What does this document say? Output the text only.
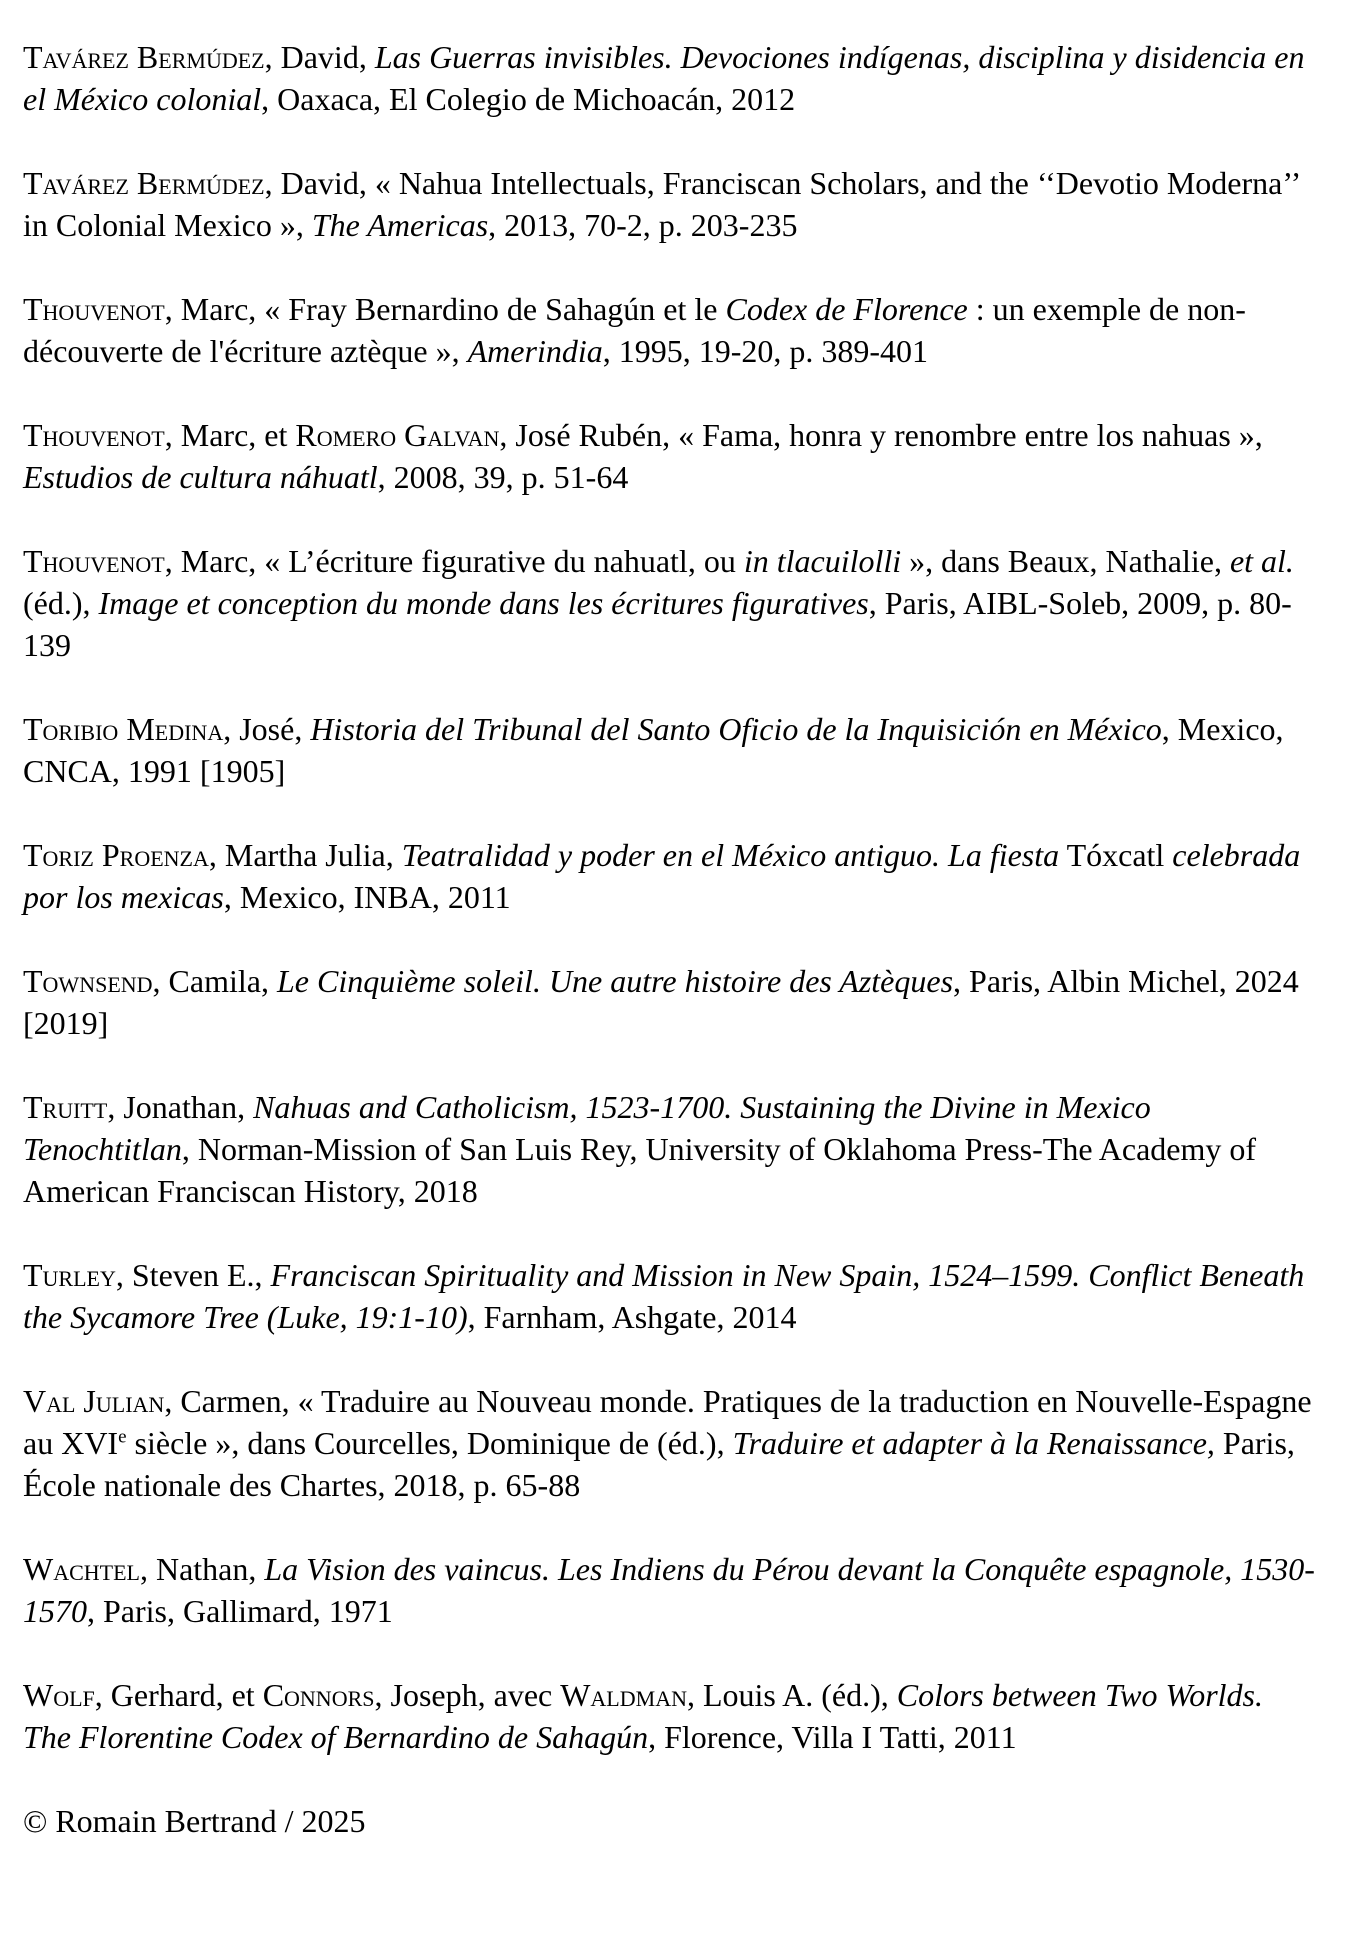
Tavárez Bermúdez, David, Las Guerras invisibles. Devociones indígenas, disciplina y disidencia en el México colonial, Oaxaca, El Colegio de Michoacán, 2012

Tavárez Bermúdez, David, « Nahua Intellectuals, Franciscan Scholars, and the ‘‘Devotio Moderna’’ in Colonial Mexico », The Americas, 2013, 70-2, p. 203-235

Thouvenot, Marc, « Fray Bernardino de Sahagún et le Codex de Florence : un exemple de non-découverte de l'écriture aztèque », Amerindia, 1995, 19-20, p. 389-401

Thouvenot, Marc, et Romero Galvan, José Rubén, « Fama, honra y renombre entre los nahuas », Estudios de cultura náhuatl, 2008, 39, p. 51-64

Thouvenot, Marc, « L’écriture figurative du nahuatl, ou in tlacuilolli », dans Beaux, Nathalie, et al. (éd.), Image et conception du monde dans les écritures figuratives, Paris, AIBL-Soleb, 2009, p. 80-139

Toribio Medina, José, Historia del Tribunal del Santo Oficio de la Inquisición en México, Mexico, CNCA, 1991 [1905]

Toriz Proenza, Martha Julia, Teatralidad y poder en el México antiguo. La fiesta Tóxcatl celebrada por los mexicas, Mexico, INBA, 2011

Townsend, Camila, Le Cinquième soleil. Une autre histoire des Aztèques, Paris, Albin Michel, 2024 [2019]

Truitt, Jonathan, Nahuas and Catholicism, 1523-1700. Sustaining the Divine in Mexico Tenochtitlan, Norman-Mission of San Luis Rey, University of Oklahoma Press-The Academy of American Franciscan History, 2018

Turley, Steven E., Franciscan Spirituality and Mission in New Spain, 1524–1599. Conflict Beneath the Sycamore Tree (Luke, 19:1-10), Farnham, Ashgate, 2014

Val Julian, Carmen, « Traduire au Nouveau monde. Pratiques de la traduction en Nouvelle-Espagne au XVIe siècle », dans Courcelles, Dominique de (éd.), Traduire et adapter à la Renaissance, Paris, École nationale des Chartes, 2018, p. 65-88

Wachtel, Nathan, La Vision des vaincus. Les Indiens du Pérou devant la Conquête espagnole, 1530-1570, Paris, Gallimard, 1971

Wolf, Gerhard, et Connors, Joseph, avec Waldman, Louis A. (éd.), Colors between Two Worlds. The Florentine Codex of Bernardino de Sahagún, Florence, Villa I Tatti, 2011

© Romain Bertrand / 2025
